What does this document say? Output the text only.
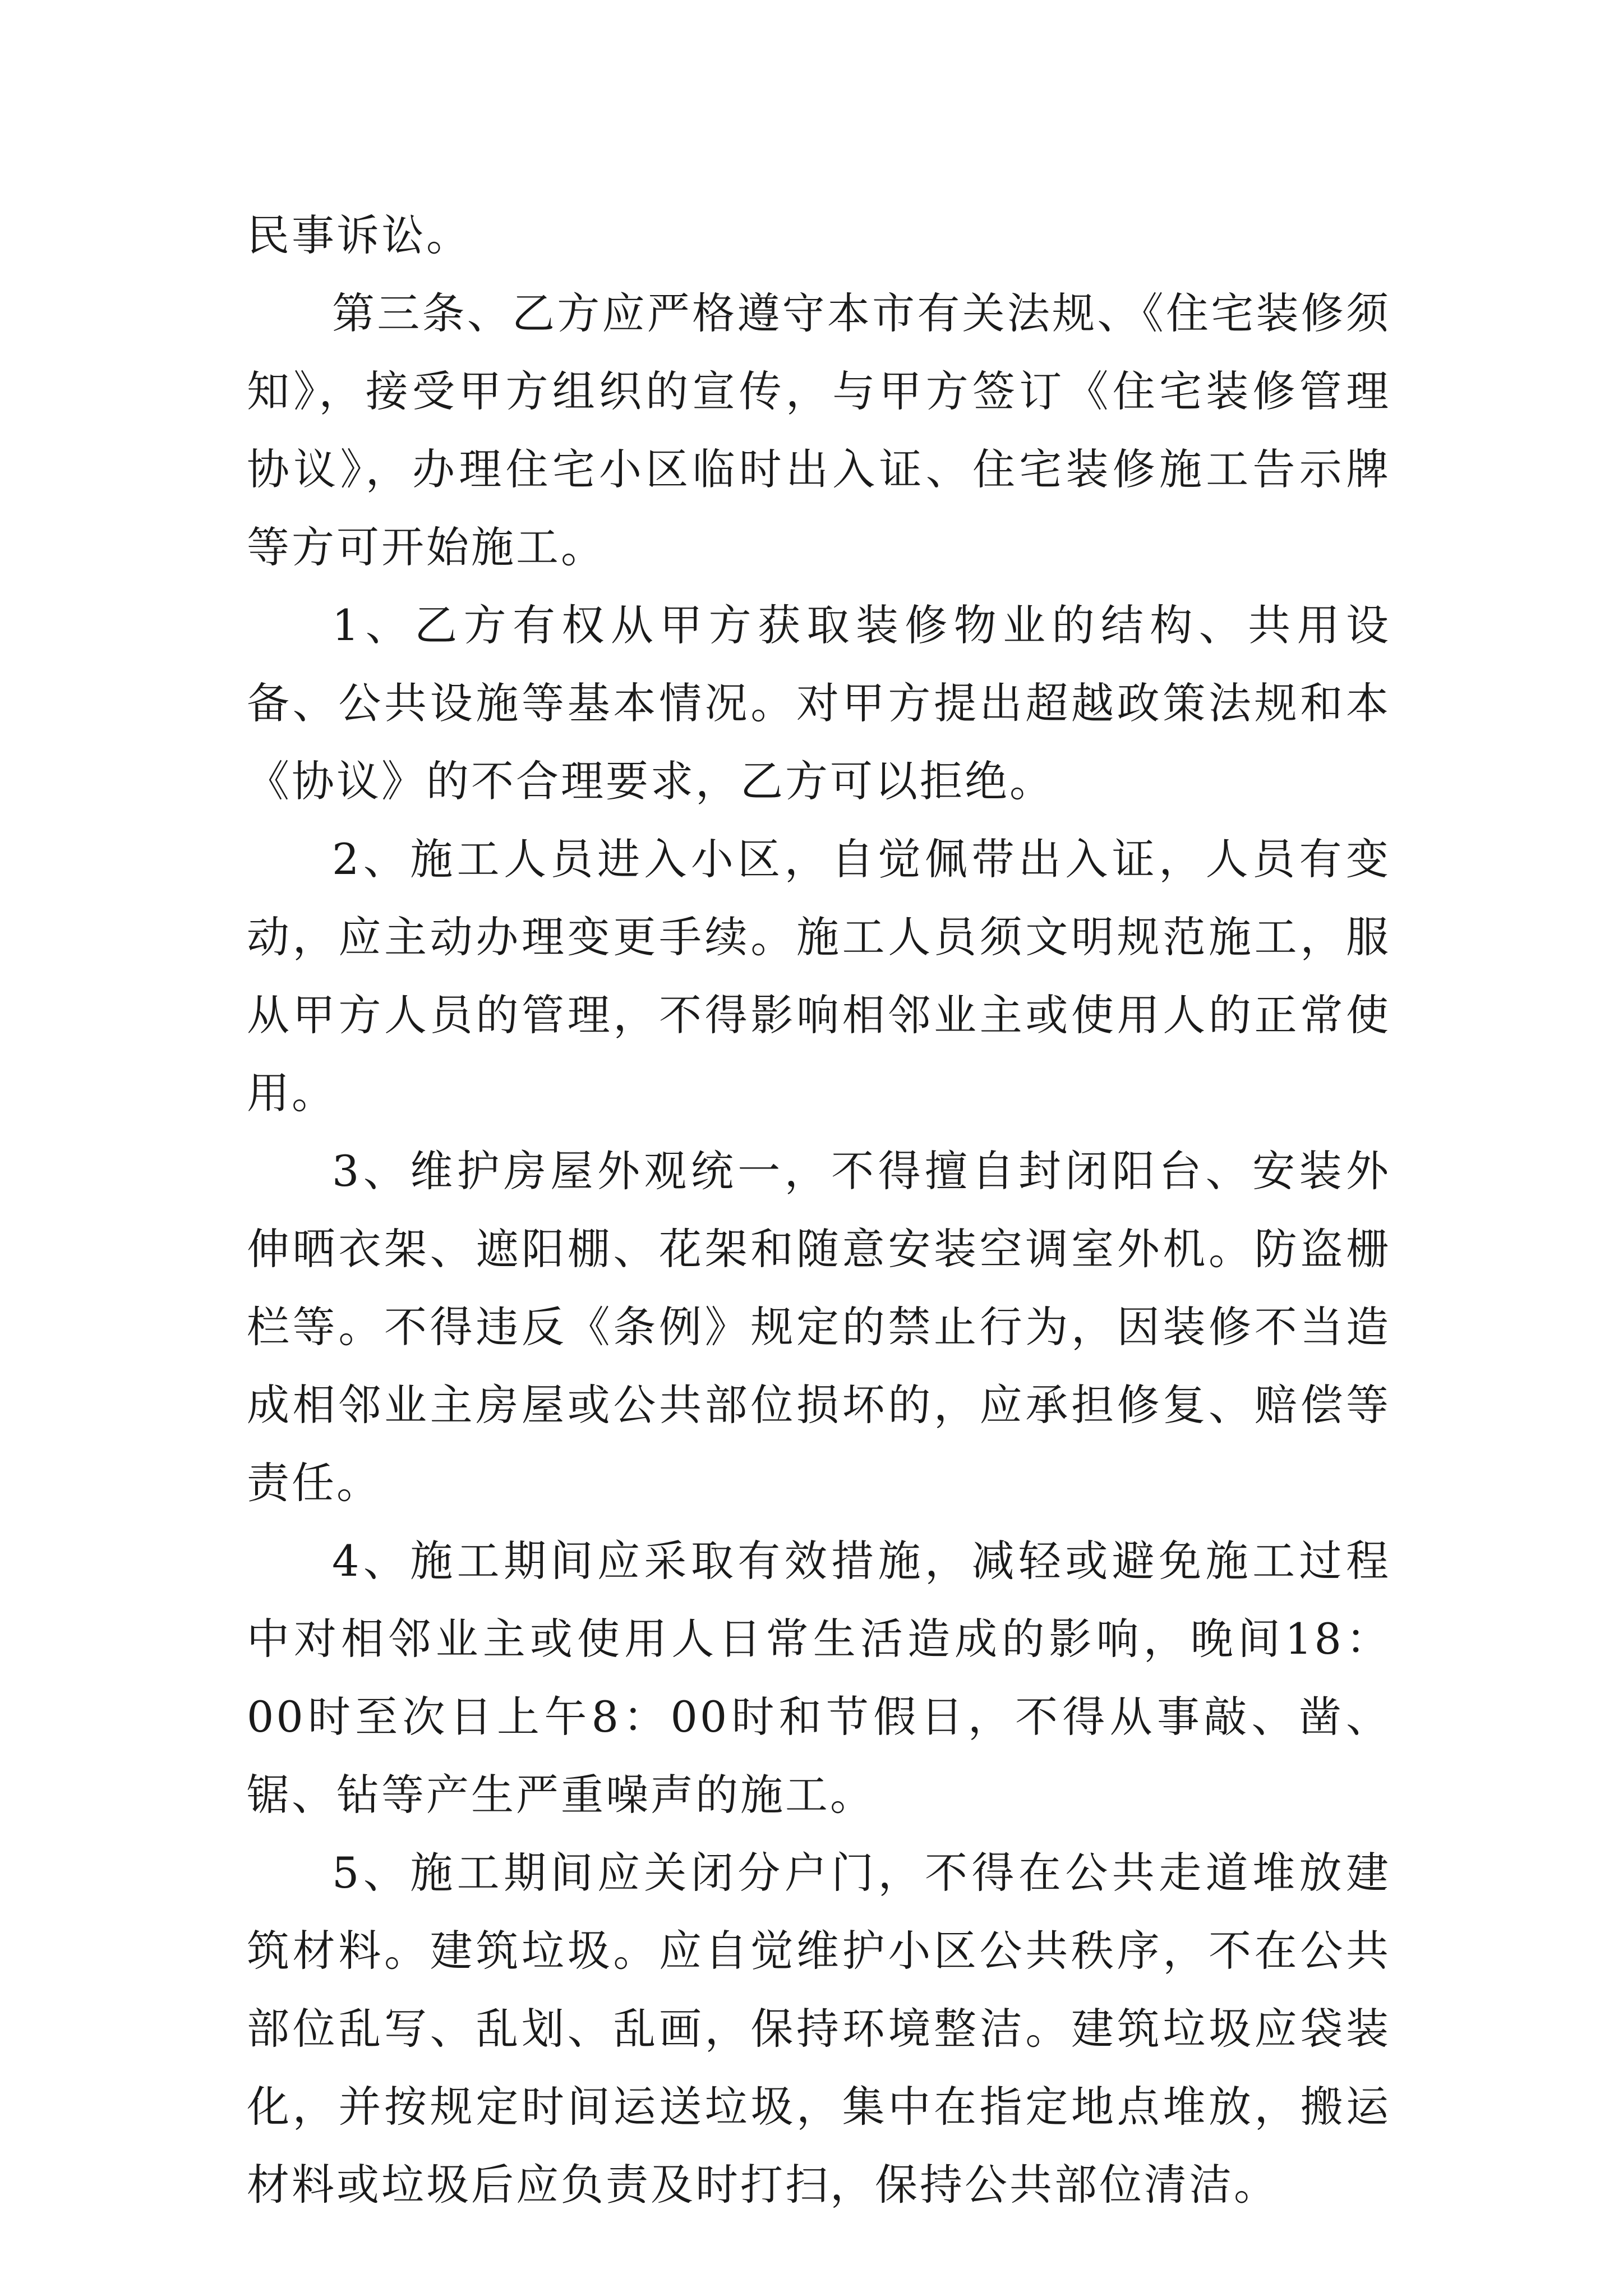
民事诉讼。

第三条、乙方应严格遵守本市有关法规、《住宅装修须知》，接受甲方组织的宣传，与甲方签订《住宅装修管理协议》，办理住宅小区临时出入证、住宅装修施工告示牌等方可开始施工。

1、乙方有权从甲方获取装修物业的结构、共用设备、公共设施等基本情况。对甲方提出超越政策法规和本《协议》的不合理要求，乙方可以拒绝。

2、施工人员进入小区，自觉佩带出入证，人员有变动，应主动办理变更手续。施工人员须文明规范施工，服从甲方人员的管理，不得影响相邻业主或使用人的正常使用。

3、维护房屋外观统一，不得擅自封闭阳台、安装外伸晒衣架、遮阳棚、花架和随意安装空调室外机。防盗栅栏等。不得违反《条例》规定的禁止行为，因装修不当造成相邻业主房屋或公共部位损坏的，应承担修复、赔偿等责任。

4、施工期间应采取有效措施，减轻或避免施工过程中对相邻业主或使用人日常生活造成的影响，晚间18：00时至次日上午8：00时和节假日，不得从事敲、凿、锯、钻等产生严重噪声的施工。

5、施工期间应关闭分户门，不得在公共走道堆放建筑材料。建筑垃圾。应自觉维护小区公共秩序，不在公共部位乱写、乱划、乱画，保持环境整洁。建筑垃圾应袋装化，并按规定时间运送垃圾，集中在指定地点堆放，搬运材料或垃圾后应负责及时打扫，保持公共部位清洁。
